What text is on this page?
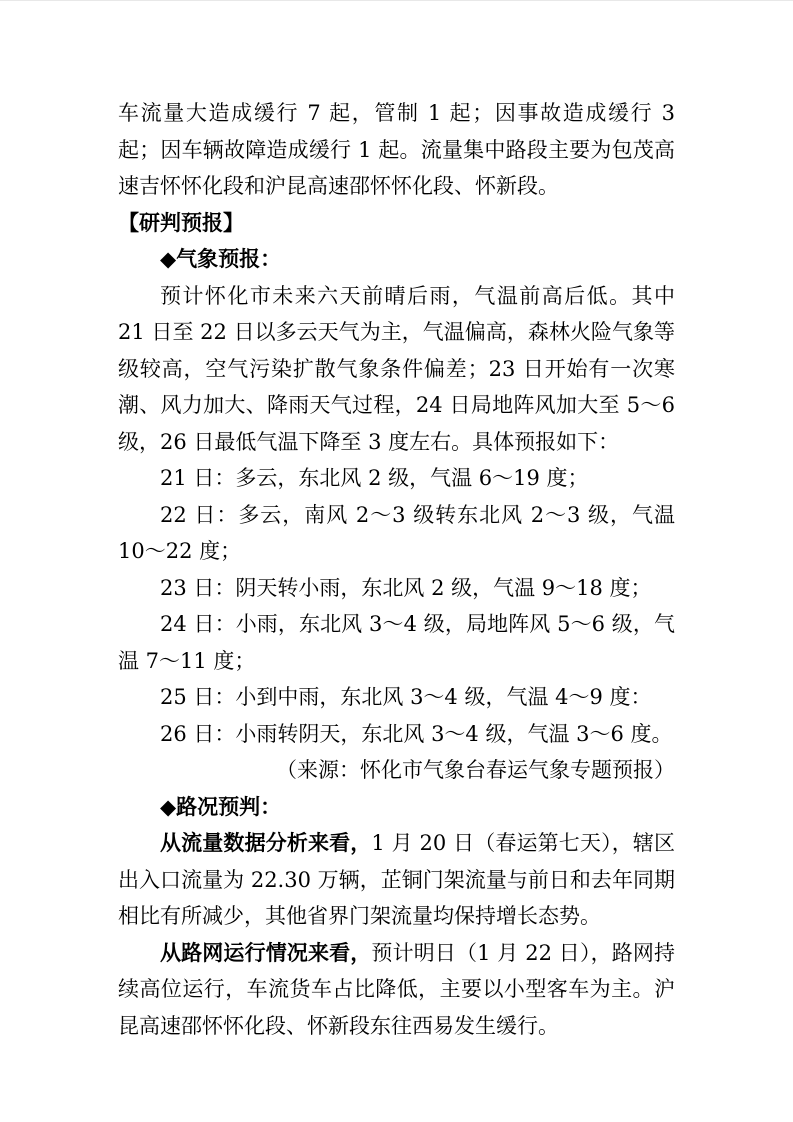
车流量大造成缓行 7 起，管制 1 起；因事故造成缓行 3 起；因车辆故障造成缓行 1 起。流量集中路段主要为包茂高速吉怀怀化段和沪昆高速邵怀怀化段、怀新段。

【研判预报】

◆气象预报：

预计怀化市未来六天前晴后雨，气温前高后低。其中 21 日至 22 日以多云天气为主，气温偏高，森林火险气象等级较高，空气污染扩散气象条件偏差；23 日开始有一次寒潮、风力加大、降雨天气过程，24 日局地阵风加大至 5～6 级，26 日最低气温下降至 3 度左右。具体预报如下：

21 日：多云，东北风 2 级，气温 6～19 度；

22 日：多云，南风 2～3 级转东北风 2～3 级，气温 10～22 度；

23 日：阴天转小雨，东北风 2 级，气温 9～18 度；

24 日：小雨，东北风 3～4 级，局地阵风 5～6 级，气温 7～11 度；

25 日：小到中雨，东北风 3～4 级，气温 4～9 度：

26 日：小雨转阴天，东北风 3～4 级，气温 3～6 度。

（来源：怀化市气象台春运气象专题预报）

◆路况预判：

从流量数据分析来看，1 月 20 日（春运第七天），辖区出入口流量为 22.30 万辆，芷铜门架流量与前日和去年同期相比有所减少，其他省界门架流量均保持增长态势。

从路网运行情况来看，预计明日（1 月 22 日），路网持续高位运行，车流货车占比降低，主要以小型客车为主。沪昆高速邵怀怀化段、怀新段东往西易发生缓行。
